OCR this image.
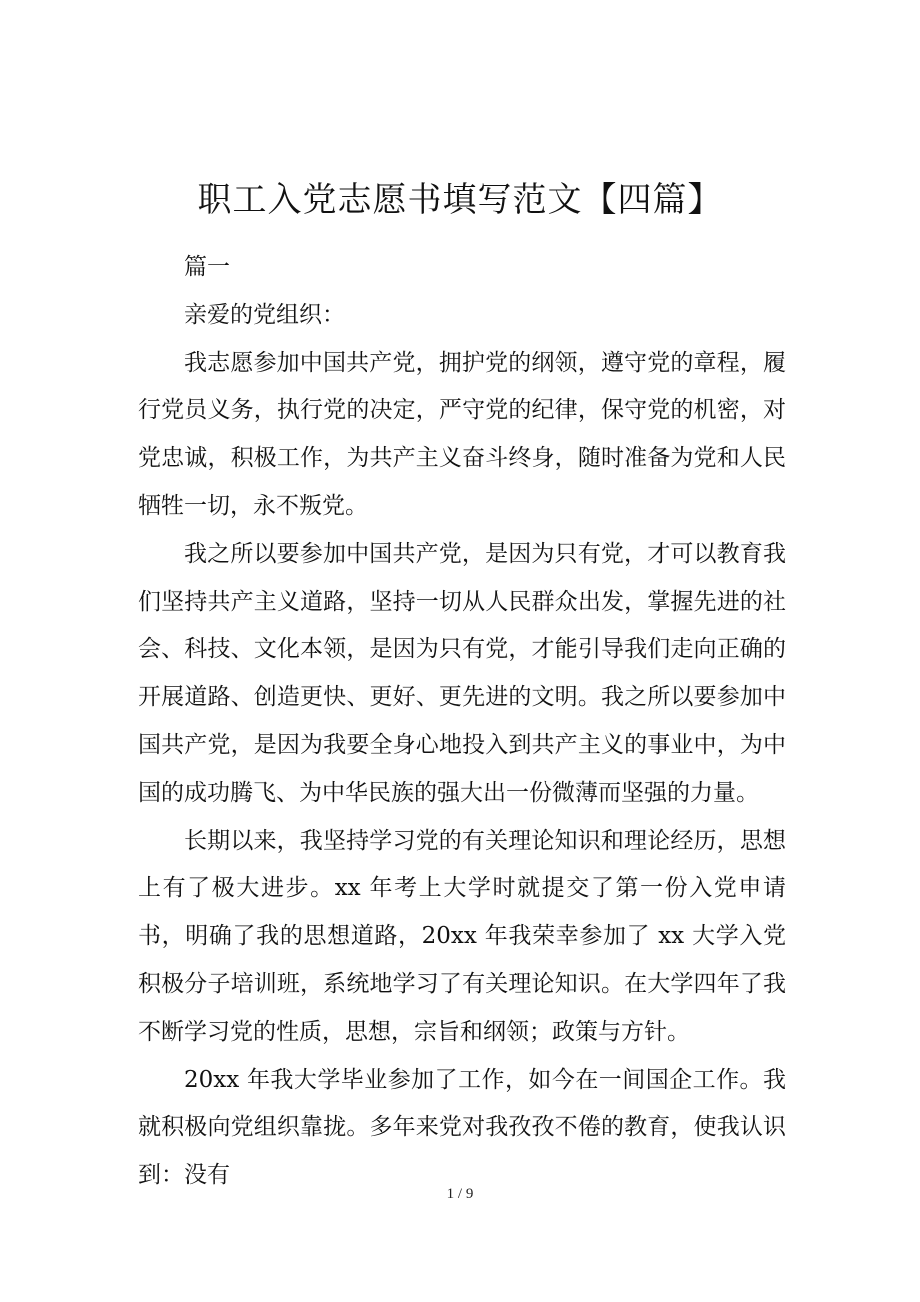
职工入党志愿书填写范文【四篇】

篇一

亲爱的党组织：

我志愿参加中国共产党，拥护党的纲领，遵守党的章程，履行党员义务，执行党的决定，严守党的纪律，保守党的机密，对党忠诚，积极工作，为共产主义奋斗终身，随时准备为党和人民牺牲一切，永不叛党。

我之所以要参加中国共产党，是因为只有党，才可以教育我们坚持共产主义道路，坚持一切从人民群众出发，掌握先进的社会、科技、文化本领，是因为只有党，才能引导我们走向正确的开展道路、创造更快、更好、更先进的文明。我之所以要参加中国共产党，是因为我要全身心地投入到共产主义的事业中，为中国的成功腾飞、为中华民族的强大出一份微薄而坚强的力量。

长期以来，我坚持学习党的有关理论知识和理论经历，思想上有了极大进步。xx 年考上大学时就提交了第一份入党申请书，明确了我的思想道路，20xx 年我荣幸参加了 xx 大学入党积极分子培训班，系统地学习了有关理论知识。在大学四年了我不断学习党的性质，思想，宗旨和纲领；政策与方针。

20xx 年我大学毕业参加了工作，如今在一间国企工作。我就积极向党组织靠拢。多年来党对我孜孜不倦的教育，使我认识到：没有

1 / 9
